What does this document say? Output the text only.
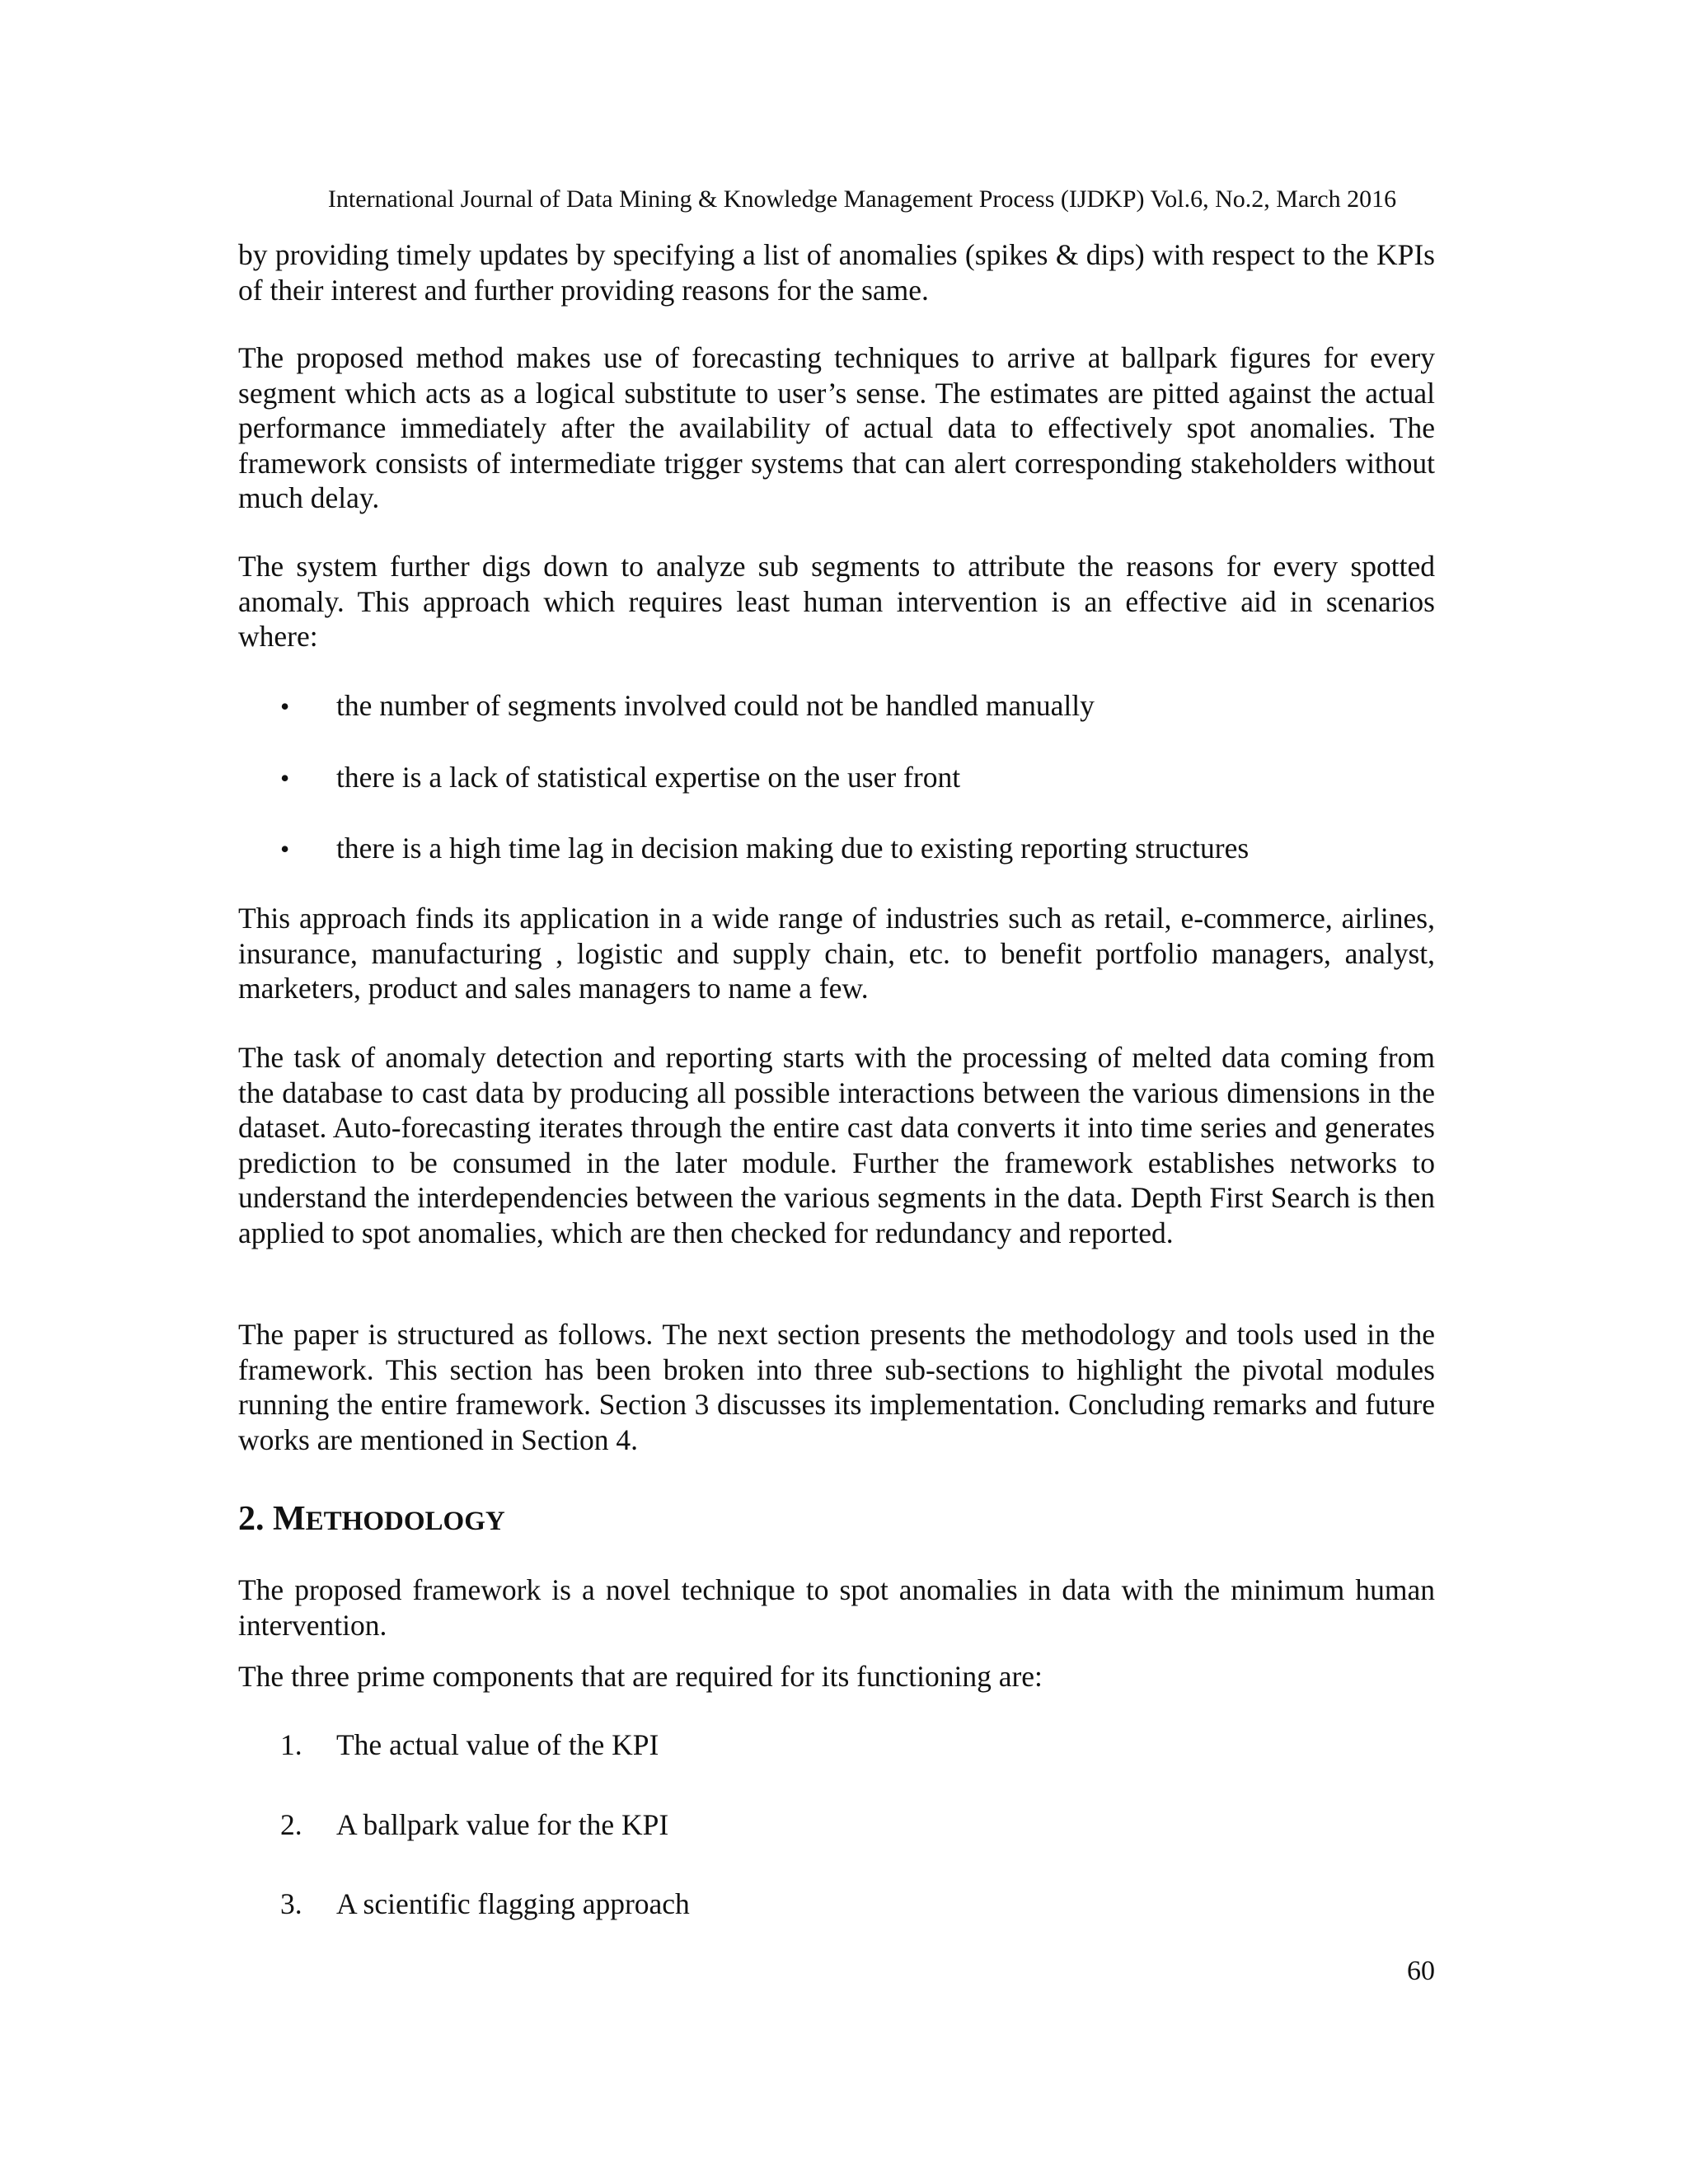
International Journal of Data Mining & Knowledge Management Process (IJDKP) Vol.6, No.2, March 2016

by providing timely updates by specifying a list of anomalies (spikes & dips) with respect to the KPIs of their interest and further providing reasons for the same.

The proposed method makes use of forecasting techniques to arrive at ballpark figures for every segment which acts as a logical substitute to user’s sense. The estimates are pitted against the actual performance immediately after the availability of actual data to effectively spot anomalies. The framework consists of intermediate trigger systems that can alert corresponding stakeholders without much delay.

The system further digs down to analyze sub segments to attribute the reasons for every spotted anomaly. This approach which requires least human intervention is an effective aid in scenarios where:

• the number of segments involved could not be handled manually
• there is a lack of statistical expertise on the user front
• there is a high time lag in decision making due to existing reporting structures

This approach finds its application in a wide range of industries such as retail, e-commerce, airlines, insurance, manufacturing , logistic and supply chain, etc. to benefit portfolio managers, analyst, marketers, product and sales managers to name a few.

The task of anomaly detection and reporting starts with the processing of melted data coming from the database to cast data by producing all possible interactions between the various dimensions in the dataset. Auto-forecasting iterates through the entire cast data converts it into time series and generates prediction to be consumed in the later module. Further the framework establishes networks to understand the interdependencies between the various segments in the data. Depth First Search is then applied to spot anomalies, which are then checked for redundancy and reported.

The paper is structured as follows. The next section presents the methodology and tools used in the framework. This section has been broken into three sub-sections to highlight the pivotal modules running the entire framework. Section 3 discusses its implementation. Concluding remarks and future works are mentioned in Section 4.

2. METHODOLOGY

The proposed framework is a novel technique to spot anomalies in data with the minimum human intervention.

The three prime components that are required for its functioning are:

1. The actual value of the KPI
2. A ballpark value for the KPI
3. A scientific flagging approach
60
